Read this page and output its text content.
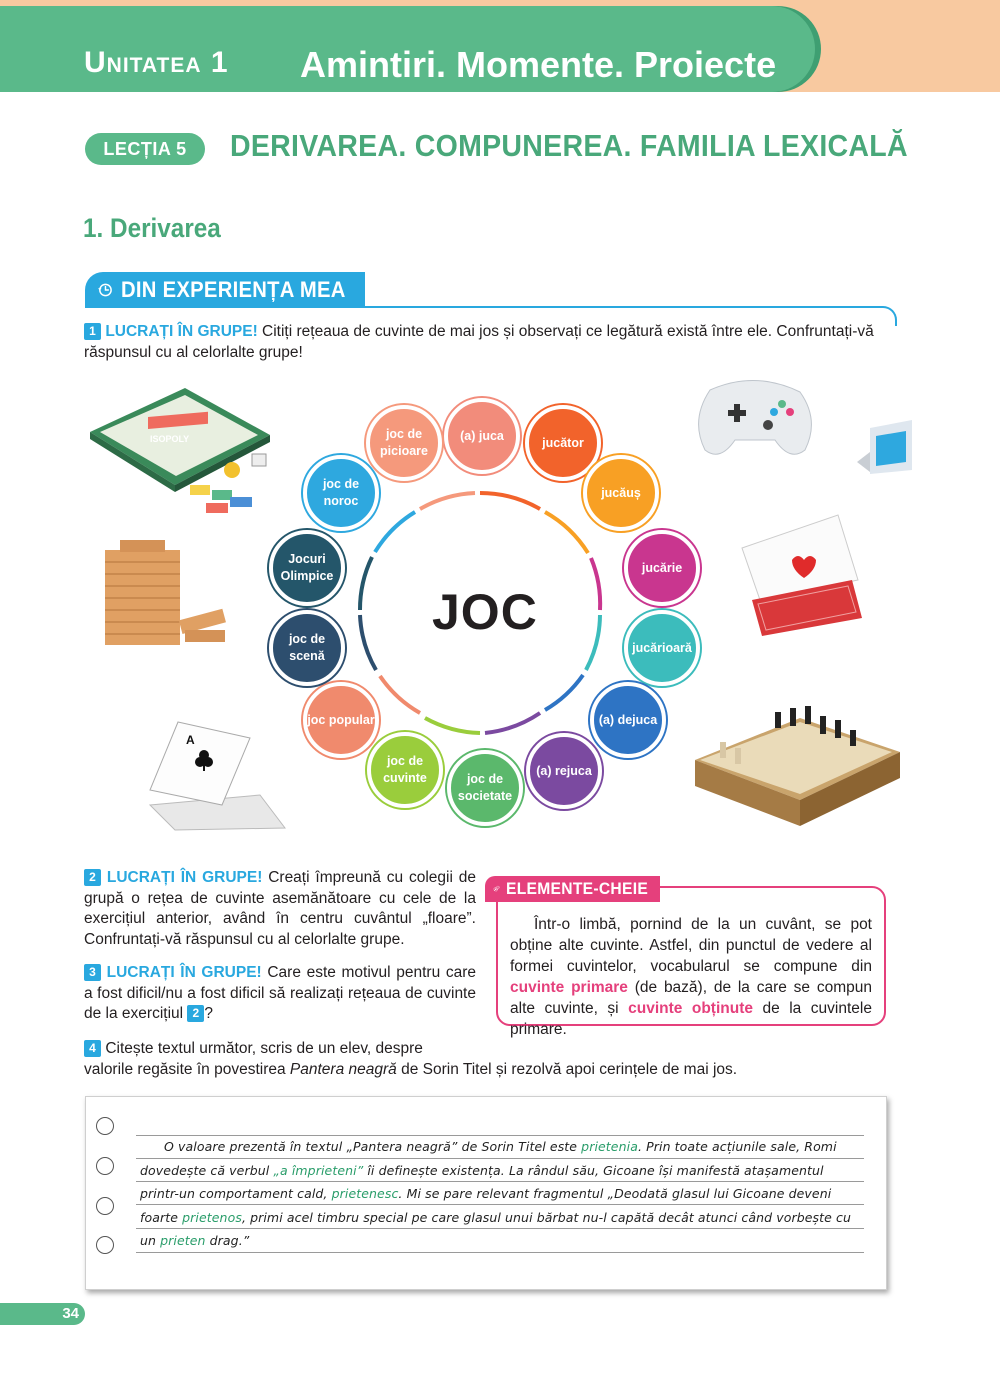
Unitatea 1 Amintiri. Momente. Proiecte
LECȚIA 5	DERIVAREA. COMPUNEREA. FAMILIA LEXICALĂ
1. Derivarea
DIN EXPERIENȚA MEA
1 LUCRAȚI ÎN GRUPE! Citiți rețeaua de cuvinte de mai jos și observați ce legătură există între ele. Confruntați-vă răspunsul cu al celorlalte grupe!
ISOPOLY
A
JOC
(a) juca	jucător
jucăuș
jucărie
jucărioară
(a) dejuca
(a) rejuca
joc de societate
joc de cuvinte
joc popular
joc de scenă
Jocuri Olimpice
joc de noroc
joc de picioare
2 LUCRAȚI ÎN GRUPE! Creați împreună cu colegii de grupă o rețea de cuvinte asemănătoare cu cele de la exercițiul anterior, având în centru cuvântul „floare”. Confruntați-vă răspunsul cu al celorlalte grupe.
3 LUCRAȚI ÎN GRUPE! Care este motivul pentru care a fost dificil/nu a fost dificil să realizați rețeaua de cuvinte de la exercițiul 2 ?
ELEMENTE-CHEIE
Într-o limbă, pornind de la un cuvânt, se pot obține alte cuvinte. Astfel, din punctul de vedere al formei cuvintelor, vocabularul se compune din cuvinte primare (de bază), de la care se compun alte cuvinte, și cuvinte obținute de la cuvintele primare.
4 Citește textul următor, scris de un elev, despre
valorile regăsite în povestirea Pantera neagră de Sorin Titel și rezolvă apoi cerințele de mai jos.
O valoare prezentă în textul „Pantera neagră” de Sorin Titel este prietenia. Prin toate acțiunile sale, Romi dovedește că verbul „a împrieteni” îi definește existența. La rândul său, Gicoane își manifestă atașamentul printr-un comportament cald, prietenesc. Mi se pare relevant fragmentul „Deodată glasul lui Gicoane deveni foarte prietenos, primi acel timbru special pe care glasul unui bărbat nu-l capătă decât atunci când vorbește cu un prieten drag.”
34
